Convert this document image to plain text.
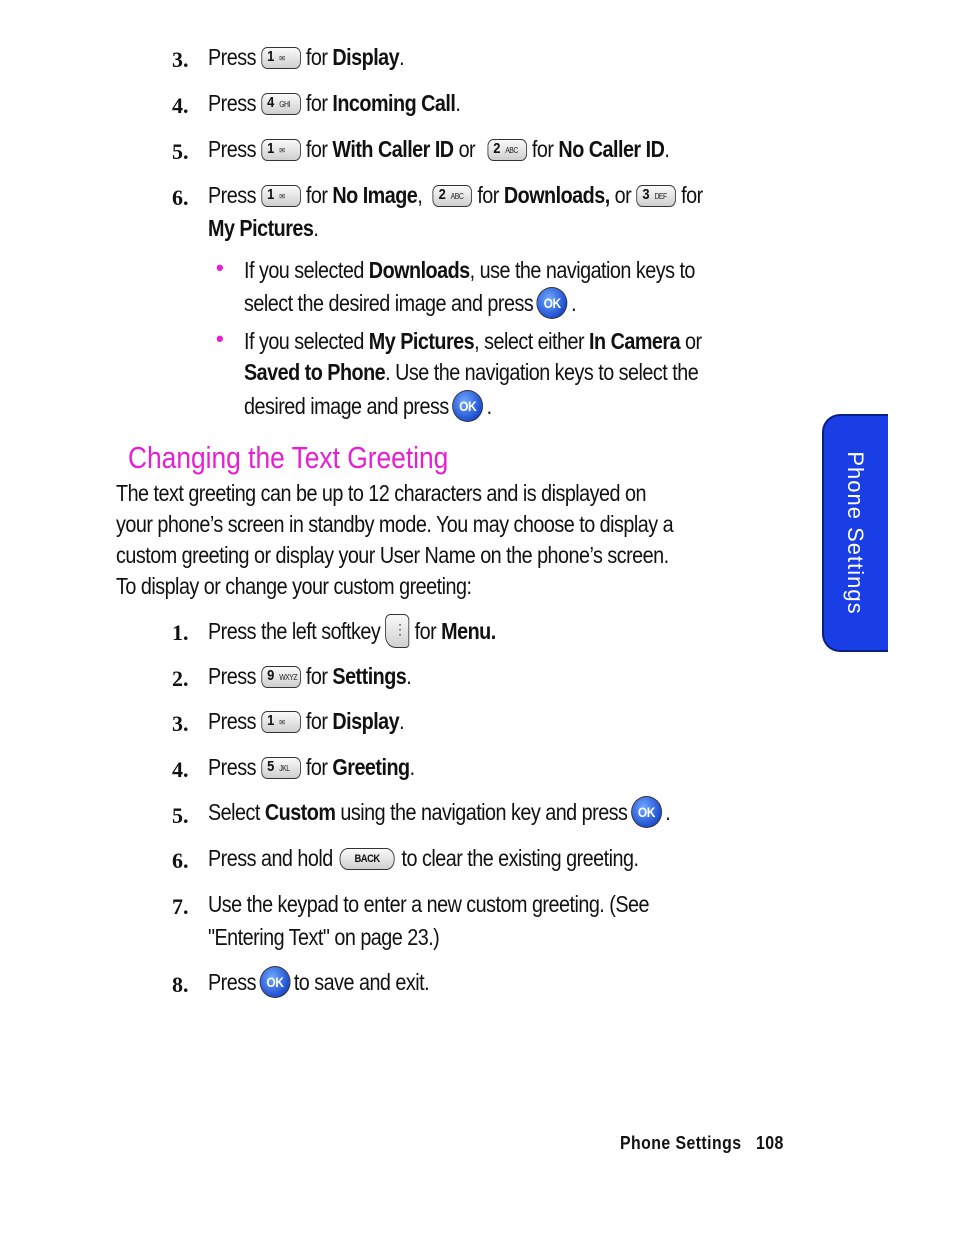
3. Press 1 ✉ for
Display .
4. Press 4 GHI for
Incoming Call .
5. Press 1 ✉ for
With Caller ID
or 2 ABC for
No Caller ID .
6. Press 1 ✉ for
No Image , 2 ABC for
Downloads,
or 3 DEF for
My Pictures .
• If you selected
Downloads , use the navigation keys to
select the desired image and press OK .
• If you selected
My Pictures , select either
In Camera
or
Saved to Phone . Use the navigation keys to select the
desired image and press OK .
Changing the Text Greeting
The text greeting can be up to 12 characters and is displayed on
your phone’s screen in standby mode. You may choose to display a
custom greeting or display your User Name on the phone’s screen.
To display or change your custom greeting:
1. Press the left softkey
⋮ for
Menu.
2. Press 9 WXYZ for
Settings .
3. Press 1 ✉ for
Display .
4. Press 5 JKL for
Greeting .
5. Select
Custom
using the navigation key and press OK .
6. Press and hold	BACK to clear the existing greeting.
7. Use the keypad to enter a new custom greeting. (See
"Entering Text" on page 23.)
8. Press OK to save and exit.
Phone Settings
Phone Settings 108
